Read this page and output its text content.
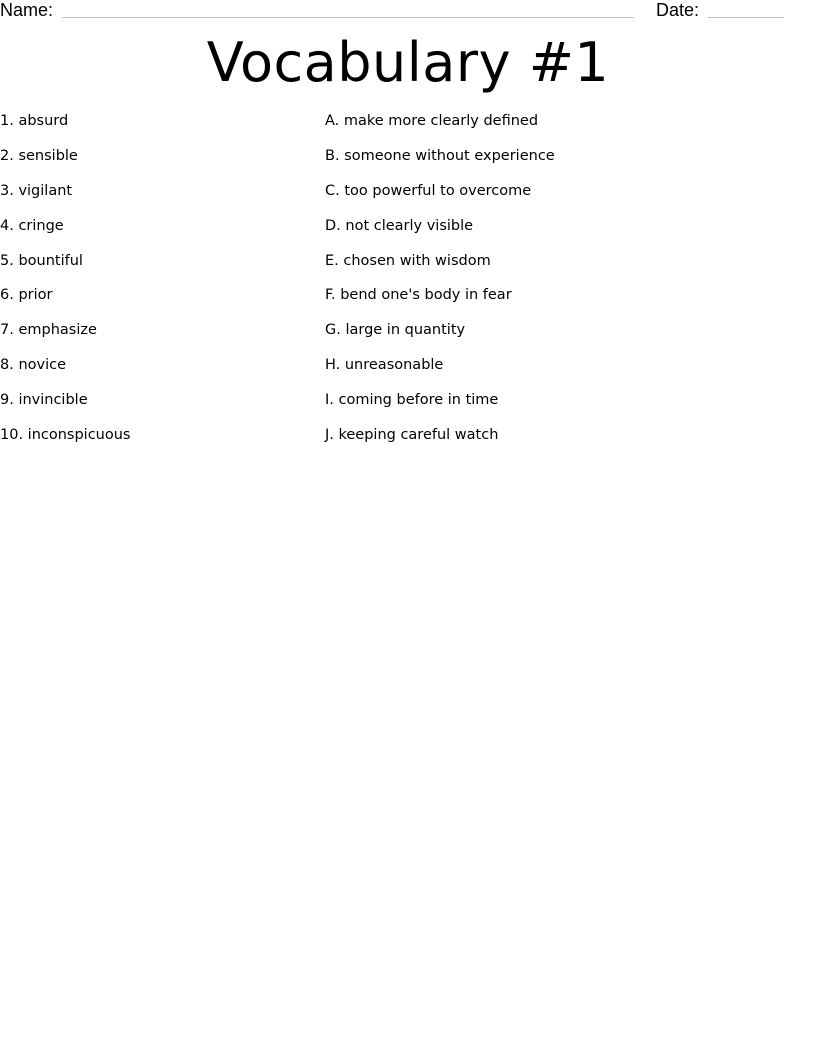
Name:	Date:
Vocabulary #1
1. absurd
2. sensible
3. vigilant
4. cringe
5. bountiful
6. prior
7. emphasize
8. novice
9. invincible
10. inconspicuous
A. make more clearly defined
B. someone without experience
C. too powerful to overcome
D. not clearly visible
E. chosen with wisdom
F. bend one's body in fear
G. large in quantity
H. unreasonable
I. coming before in time
J. keeping careful watch
